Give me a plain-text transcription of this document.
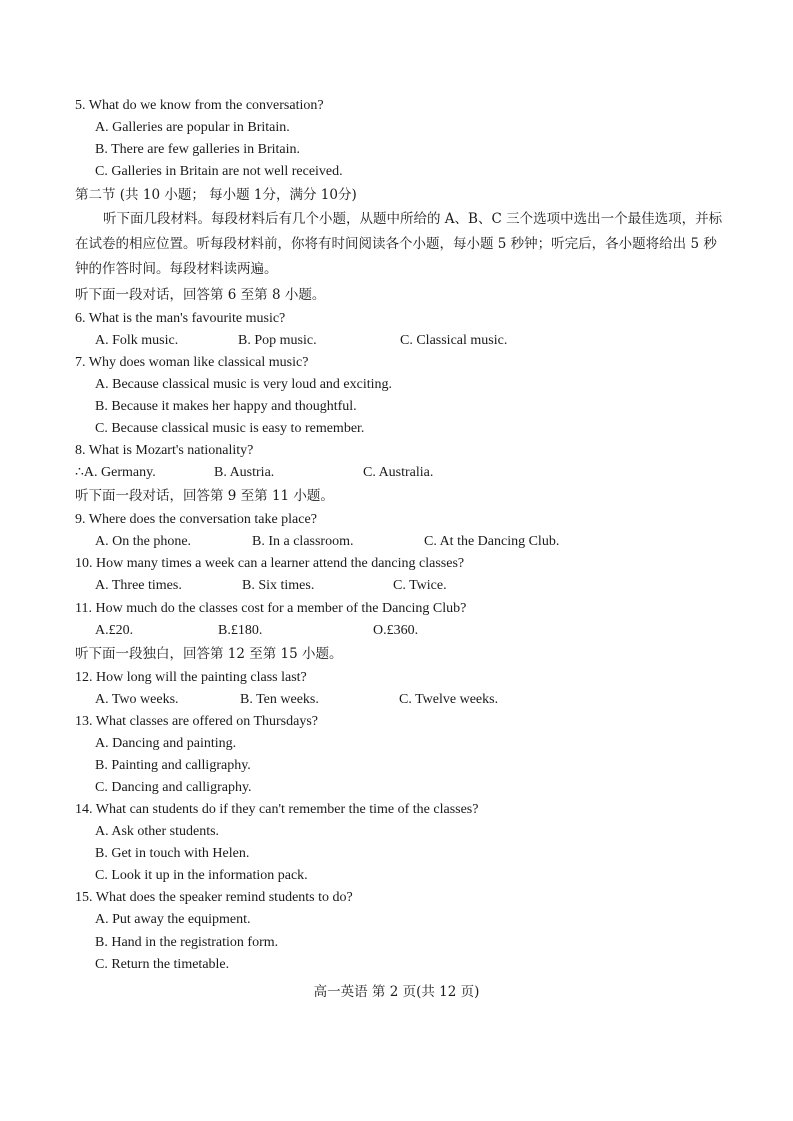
5. What do we know from the conversation?
A. Galleries are popular in Britain.
B. There are few galleries in Britain.
C. Galleries in Britain are not well received.
第二节 (共 10 小题； 每小题 1分，满分 10分)
听下面几段材料。每段材料后有几个小题，从题中所给的 A、B、C 三个选项中选出一个最佳选项，并标在试卷的相应位置。听每段材料前，你将有时间阅读各个小题，每小题 5 秒钟；听完后，各小题将给出 5 秒钟的作答时间。每段材料读两遍。
听下面一段对话，回答第 6 至第 8 小题。
6. What is the man's favourite music?
A. Folk music.	B. Pop music.	C. Classical music.
7. Why does woman like classical music?
A. Because classical music is very loud and exciting.
B. Because it makes her happy and thoughtful.
C. Because classical music is easy to remember.
8. What is Mozart's nationality?
∴A. Germany.	B. Austria.	C. Australia.
听下面一段对话，回答第 9 至第 11 小题。
9. Where does the conversation take place?
A. On the phone.	B. In a classroom.	C. At the Dancing Club.
10. How many times a week can a learner attend the dancing classes?
A. Three times.	B. Six times.	C. Twice.
11. How much do the classes cost for a member of the Dancing Club?
A.£20.	B.£180.	O.£360.
听下面一段独白，回答第 12 至第 15 小题。
12. How long will the painting class last?
A. Two weeks.	B. Ten weeks.	C. Twelve weeks.
13. What classes are offered on Thursdays?
A. Dancing and painting.
B. Painting and calligraphy.
C. Dancing and calligraphy.
14. What can students do if they can't remember the time of the classes?
A. Ask other students.
B. Get in touch with Helen.
C. Look it up in the information pack.
15. What does the speaker remind students to do?
A. Put away the equipment.
B. Hand in the registration form.
C. Return the timetable.
高一英语 第 2 页(共 12 页)
